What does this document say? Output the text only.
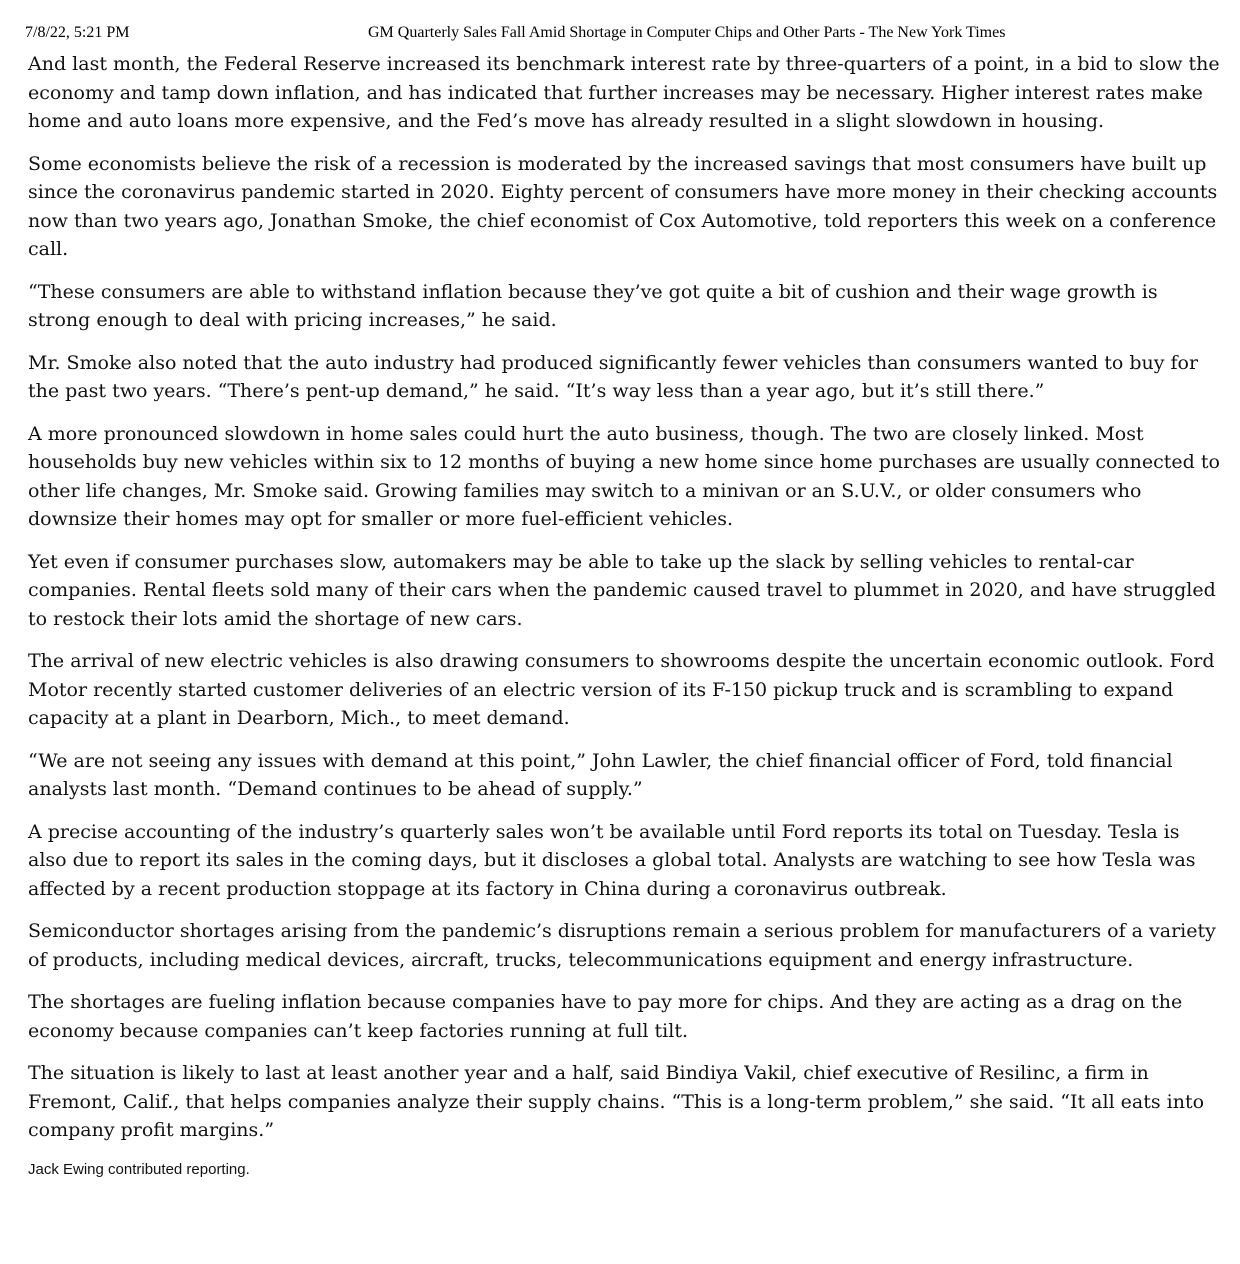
7/8/22, 5:21 PM	GM Quarterly Sales Fall Amid Shortage in Computer Chips and Other Parts - The New York Times

And last month, the Federal Reserve increased its benchmark interest rate by three-quarters of a point, in a bid to slow the economy and tamp down inflation, and has indicated that further increases may be necessary. Higher interest rates make home and auto loans more expensive, and the Fed’s move has already resulted in a slight slowdown in housing.

Some economists believe the risk of a recession is moderated by the increased savings that most consumers have built up since the coronavirus pandemic started in 2020. Eighty percent of consumers have more money in their checking accounts now than two years ago, Jonathan Smoke, the chief economist of Cox Automotive, told reporters this week on a conference call.

“These consumers are able to withstand inflation because they’ve got quite a bit of cushion and their wage growth is strong enough to deal with pricing increases,” he said.

Mr. Smoke also noted that the auto industry had produced significantly fewer vehicles than consumers wanted to buy for the past two years. “There’s pent-up demand,” he said. “It’s way less than a year ago, but it’s still there.”

A more pronounced slowdown in home sales could hurt the auto business, though. The two are closely linked. Most households buy new vehicles within six to 12 months of buying a new home since home purchases are usually connected to other life changes, Mr. Smoke said. Growing families may switch to a minivan or an S.U.V., or older consumers who downsize their homes may opt for smaller or more fuel-efficient vehicles.

Yet even if consumer purchases slow, automakers may be able to take up the slack by selling vehicles to rental-car companies. Rental fleets sold many of their cars when the pandemic caused travel to plummet in 2020, and have struggled to restock their lots amid the shortage of new cars.

The arrival of new electric vehicles is also drawing consumers to showrooms despite the uncertain economic outlook. Ford Motor recently started customer deliveries of an electric version of its F-150 pickup truck and is scrambling to expand capacity at a plant in Dearborn, Mich., to meet demand.

“We are not seeing any issues with demand at this point,” John Lawler, the chief financial officer of Ford, told financial analysts last month. “Demand continues to be ahead of supply.”

A precise accounting of the industry’s quarterly sales won’t be available until Ford reports its total on Tuesday. Tesla is also due to report its sales in the coming days, but it discloses a global total. Analysts are watching to see how Tesla was affected by a recent production stoppage at its factory in China during a coronavirus outbreak.

Semiconductor shortages arising from the pandemic’s disruptions remain a serious problem for manufacturers of a variety of products, including medical devices, aircraft, trucks, telecommunications equipment and energy infrastructure.

The shortages are fueling inflation because companies have to pay more for chips. And they are acting as a drag on the economy because companies can’t keep factories running at full tilt.

The situation is likely to last at least another year and a half, said Bindiya Vakil, chief executive of Resilinc, a firm in Fremont, Calif., that helps companies analyze their supply chains. “This is a long-term problem,” she said. “It all eats into company profit margins.”

Jack Ewing contributed reporting.
